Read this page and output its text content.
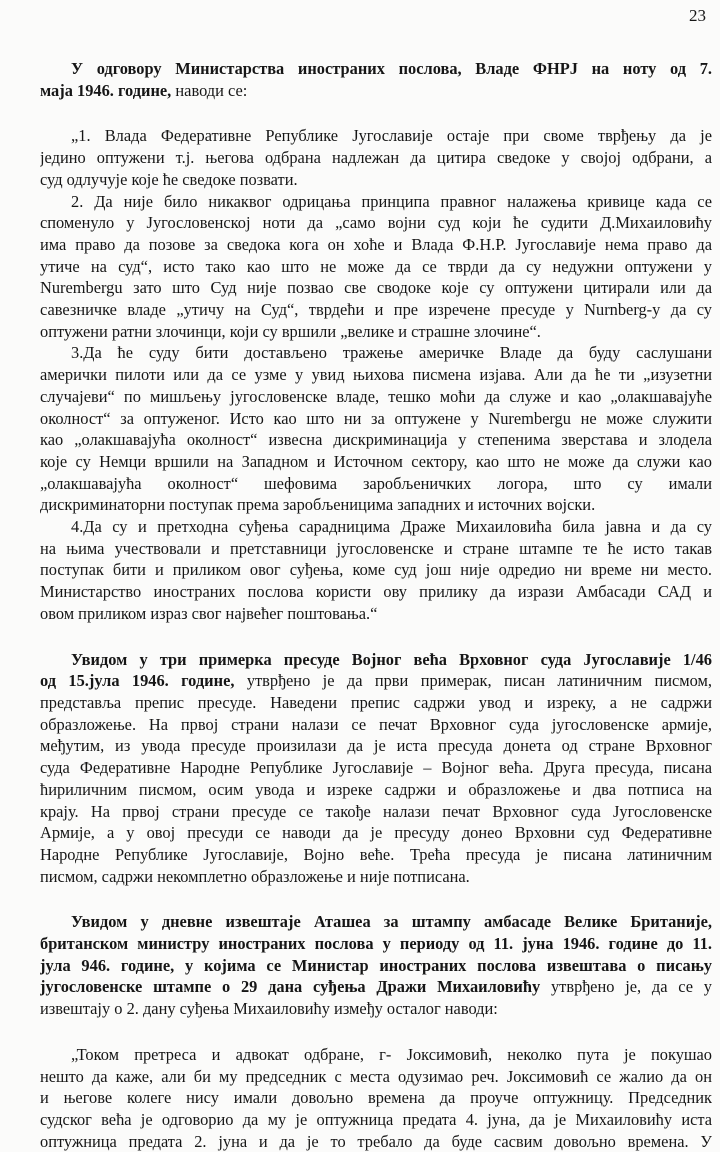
23
У одговору Министарства иностраних послова, Владе ФНРЈ на ноту од 7.
маја 1946. године, наводи се:
„1. Влада Федеративне Републике Југославије остаје при своме тврђењу да је
једино оптужени т.ј. његова одбрана надлежан да цитира сведоке у својој одбрани, а
суд одлучује које ће сведоке позвати.
2. Да није било никаквог одрицања принципа правног налажења кривице када се
споменуло у Југословенској ноти да „само војни суд који ће судити Д.Михаиловићу
има право да позове за сведока кога он хоће и Влада Ф.Н.Р. Југославије нема право да
утиче на суд“, исто тако као што не може да се тврди да су недужни оптужени у
Nurembergu зато што Суд није позвао све сводоке које су оптужени цитирали или да
савезничке владе „утичу на Суд“, тврдећи и пре изречене пресуде у Nurnberg-у да су
оптужени ратни злочинци, који су вршили „велике и страшне злочине“.
3.Да ће суду бити достављено тражење америчке Владе да буду саслушани
амерички пилоти или да се узме у увид њихова писмена изјава. Али да ће ти „изузетни
случајеви“ по мишљењу југословенске владе, тешко моћи да служе и као „олакшавајуће
околност“ за оптуженог. Исто као што ни за оптужене у Nurembergu не може служити
као „олакшавајућа околност“ извесна дискриминација у степенима зверстава и злодела
које су Немци вршили на Западном и Источном сектору, као што не може да служи као
„олакшавајућа околност“ шефовима заробљеничких логора, што су имали
дискриминаторни поступак према заробљеницима западних и источних војски.
4.Да су и претходна суђења сарадницима Драже Михаиловића била јавна и да су
на њима учествовали и претставници југословенске и стране штампе те ће исто такав
поступак бити и приликом овог суђења, коме суд још није одредио ни време ни место.
Министарство иностраних послова користи ову прилику да изрази Амбасади САД и
овом приликом израз свог највећег поштовања.“
Увидом у три примерка пресуде Војног већа Врховног суда Југославије 1/46
од 15.јула 1946. године, утврђено је да први примерак, писан латиничним писмом,
представља препис пресуде. Наведени препис садржи увод и изреку, а не садржи
образложење. На првој страни налази се печат Врховног суда југословенске армије,
међутим, из увода пресуде произилази да је иста пресуда донета од стране Врховног
суда Федеративне Народне Републике Југославије – Војног већа. Друга пресуда, писана
ћириличним писмом, осим увода и изреке садржи и образложење и два потписа на
крају. На првој страни пресуде се такође налази печат Врховног суда Југословенске
Армије, а у овој пресуди се наводи да је пресуду донео Врховни суд Федеративне
Народне Републике Југославије, Војно веће. Трећа пресуда је писана латиничним
писмом, садржи некомплетно образложење и није потписана.
Увидом у дневне извештаје Аташеа за штампу амбасаде Велике Британије,
британском министру иностраних послова у периоду од 11. јуна 1946. године до 11.
јула 946. године, у којима се Министар иностраних послова извештава о писању
југословенске штампе о 29 дана суђења Дражи Михаиловићу утврђено је, да се у
извештају о 2. дану суђења Михаиловићу између осталог наводи:
„Током претреса и адвокат одбране, г- Јоксимовић, неколко пута је покушао
нешто да каже, али би му председник с места одузимао реч. Јоксимовић се жалио да он
и његове колеге нису имали довољно времена да проуче оптужницу. Председник
судског већа је одговорио да му је оптужница предата 4. јуна, да је Михаиловићу иста
оптужница предата 2. јуна и да је то требало да буде сасвим довољно времена. У
